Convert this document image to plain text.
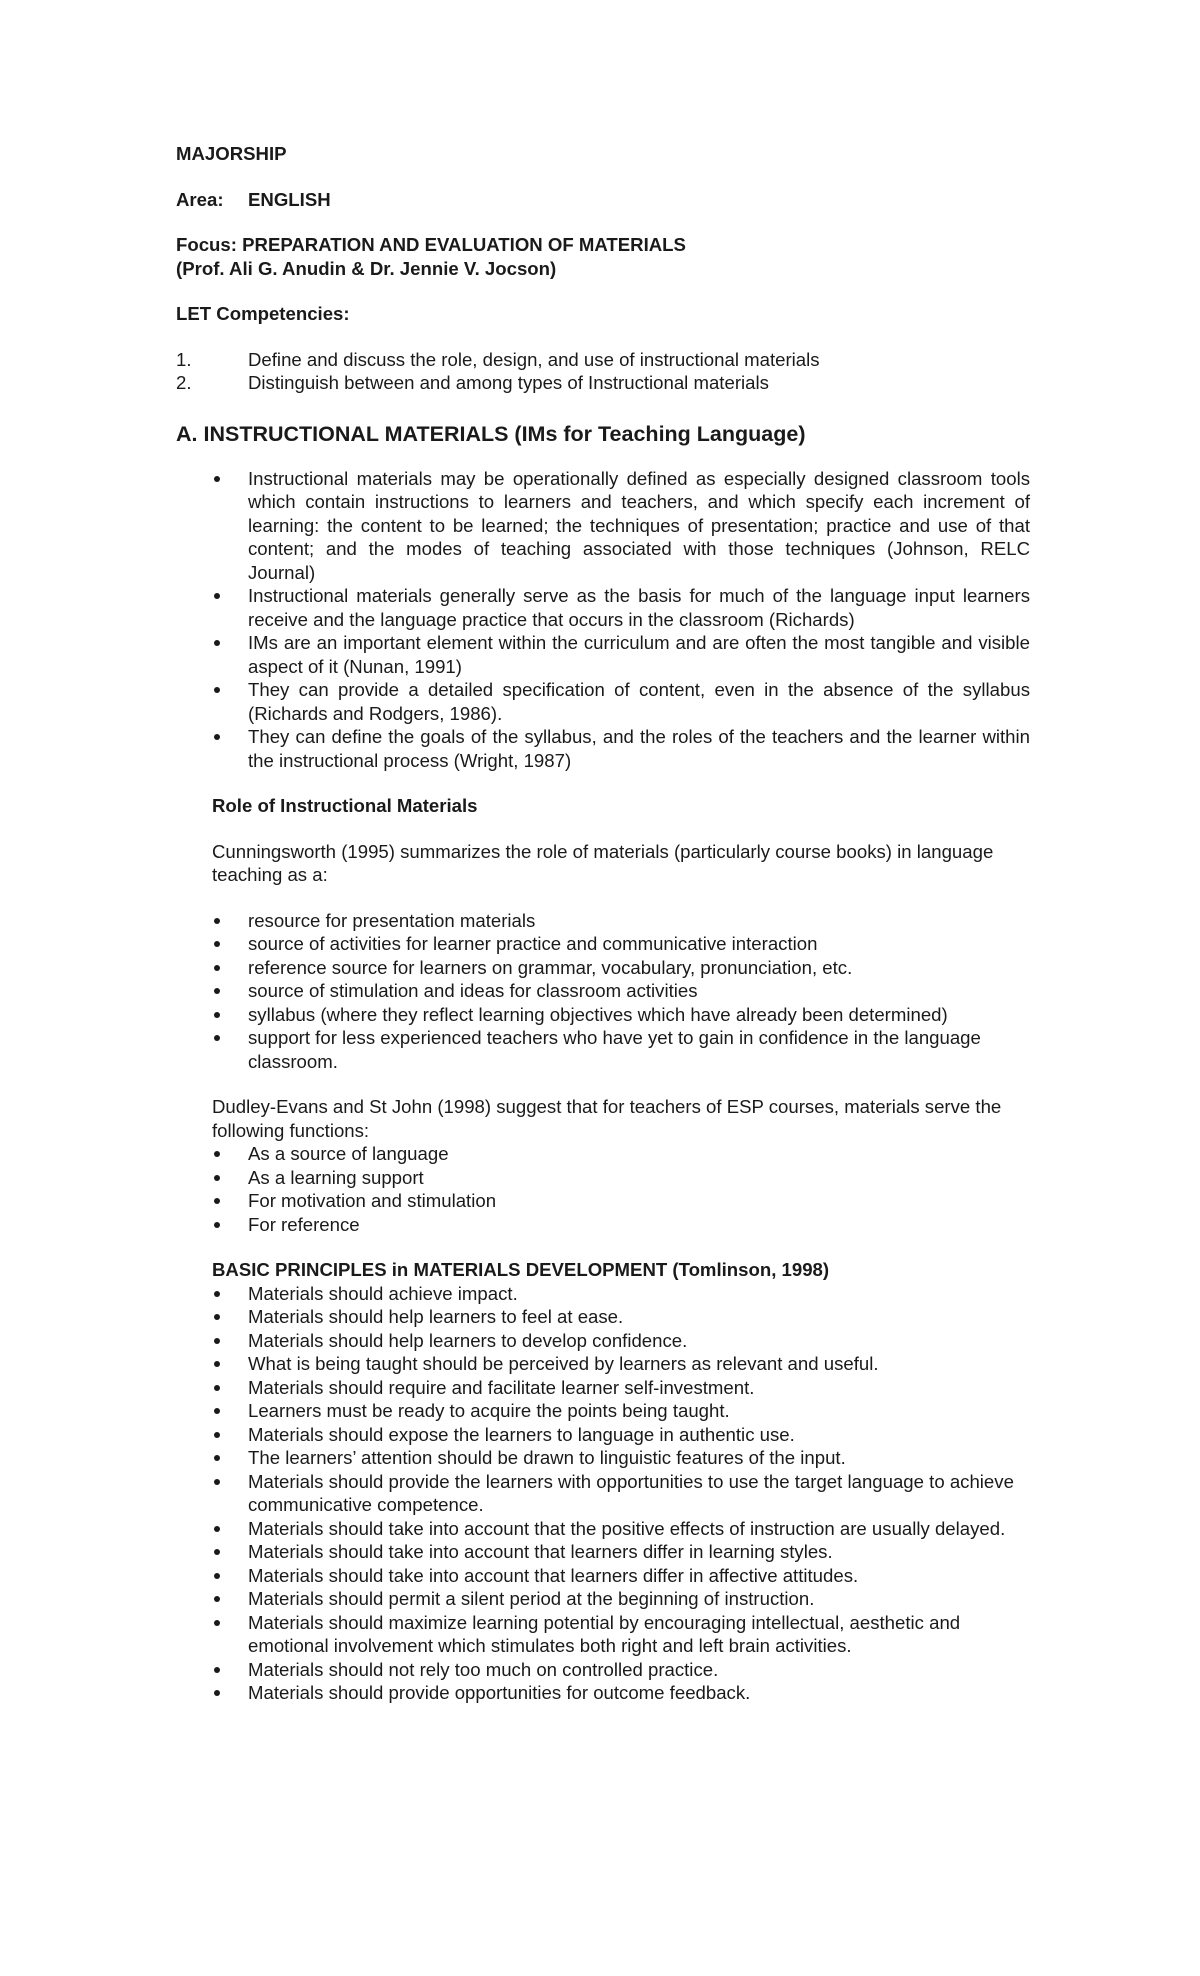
MAJORSHIP

Area:	ENGLISH

Focus: PREPARATION AND EVALUATION OF MATERIALS

(Prof. Ali G. Anudin & Dr. Jennie V. Jocson)

LET Competencies:

1.	Define and discuss the role, design, and use of instructional materials
2.	Distinguish between and among types of Instructional materials

A. INSTRUCTIONAL MATERIALS (IMs for Teaching Language)

Instructional materials may be operationally defined as especially designed classroom tools which contain instructions to learners and teachers, and which specify each increment of learning: the content to be learned; the techniques of presentation; practice and use of that content; and the modes of teaching associated with those techniques (Johnson, RELC Journal)
Instructional materials generally serve as the basis for much of the language input learners receive and the language practice that occurs in the classroom (Richards)
IMs are an important element within the curriculum and are often the most tangible and visible aspect of it (Nunan, 1991)
They can provide a detailed specification of content, even in the absence of the syllabus (Richards and Rodgers, 1986).
They can define the goals of the syllabus, and the roles of the teachers and the learner within the instructional process (Wright, 1987)

Role of Instructional Materials

Cunningsworth (1995) summarizes the role of materials (particularly course books) in language teaching as a:

resource for presentation materials
source of activities for learner practice and communicative interaction
reference source for learners on grammar, vocabulary, pronunciation, etc.
source of stimulation and ideas for classroom activities
syllabus (where they reflect learning objectives which have already been determined)
support for less experienced teachers who have yet to gain in confidence in the language classroom.

Dudley-Evans and St John (1998) suggest that for teachers of ESP courses, materials serve the following functions:

As a source of language
As a learning support
For motivation and stimulation
For reference

BASIC PRINCIPLES in MATERIALS DEVELOPMENT (Tomlinson, 1998)

Materials should achieve impact.
Materials should help learners to feel at ease.
Materials should help learners to develop confidence.
What is being taught should be perceived by learners as relevant and useful.
Materials should require and facilitate learner self-investment.
Learners must be ready to acquire the points being taught.
Materials should expose the learners to language in authentic use.
The learners’ attention should be drawn to linguistic features of the input.
Materials should provide the learners with opportunities to use the target language to achieve communicative competence.
Materials should take into account that the positive effects of instruction are usually delayed.
Materials should take into account that learners differ in learning styles.
Materials should take into account that learners differ in affective attitudes.
Materials should permit a silent period at the beginning of instruction.
Materials should maximize learning potential by encouraging intellectual, aesthetic and emotional involvement which stimulates both right and left brain activities.
Materials should not rely too much on controlled practice.
Materials should provide opportunities for outcome feedback.
